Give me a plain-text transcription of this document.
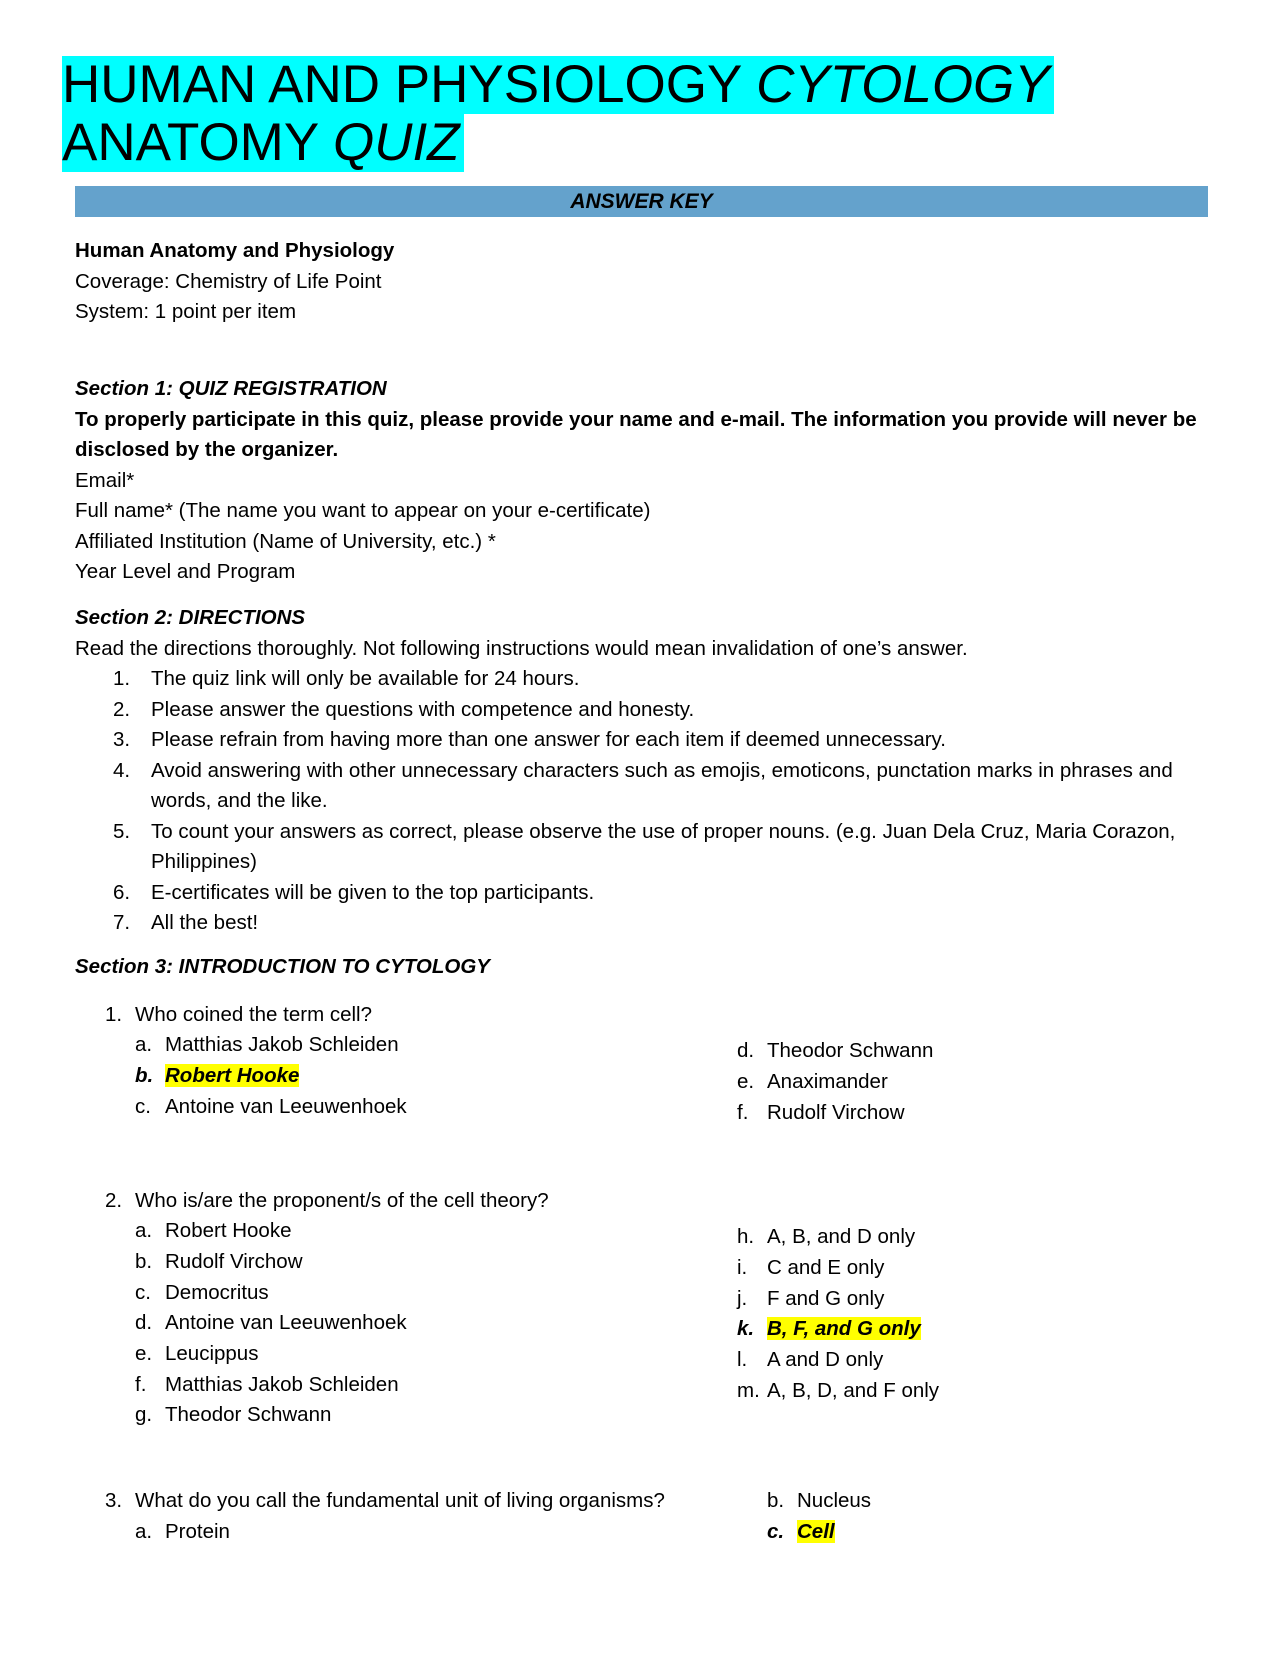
HUMAN AND PHYSIOLOGY CYTOLOGY
ANATOMY QUIZ
ANSWER KEY
Human Anatomy and Physiology Coverage: Chemistry of Life Point System: 1 point per item
Section 1: QUIZ REGISTRATION
To properly participate in this quiz, please provide your name and e-mail. The information you provide will never be disclosed by the organizer.
Email*
Full name* (The name you want to appear on your e-certificate)
Affiliated Institution (Name of University, etc.) *
Year Level and Program
Section 2: DIRECTIONS
Read the directions thoroughly. Not following instructions would mean invalidation of one’s answer.
1. The quiz link will only be available for 24 hours.
2. Please answer the questions with competence and honesty.
3. Please refrain from having more than one answer for each item if deemed unnecessary.
4. Avoid answering with other unnecessary characters such as emojis, emoticons, punctation marks in phrases and words, and the like.
5. To count your answers as correct, please observe the use of proper nouns. (e.g. Juan Dela Cruz, Maria Corazon, Philippines)
6. E-certificates will be given to the top participants.
7. All the best!
Section 3: INTRODUCTION TO CYTOLOGY
1. Who coined the term cell?
a. Matthias Jakob Schleiden
b. Robert Hooke
c. Antoine van Leeuwenhoek
d. Theodor Schwann
e. Anaximander
f. Rudolf Virchow
2. Who is/are the proponent/s of the cell theory?
a. Robert Hooke
b. Rudolf Virchow
c. Democritus
d. Antoine van Leeuwenhoek
e. Leucippus
f. Matthias Jakob Schleiden
g. Theodor Schwann
h. A, B, and D only
i. C and E only
j. F and G only
k. B, F, and G only
l. A and D only
m. A, B, D, and F only
3. What do you call the fundamental unit of living organisms?
a. Protein
b. Nucleus
c. Cell
